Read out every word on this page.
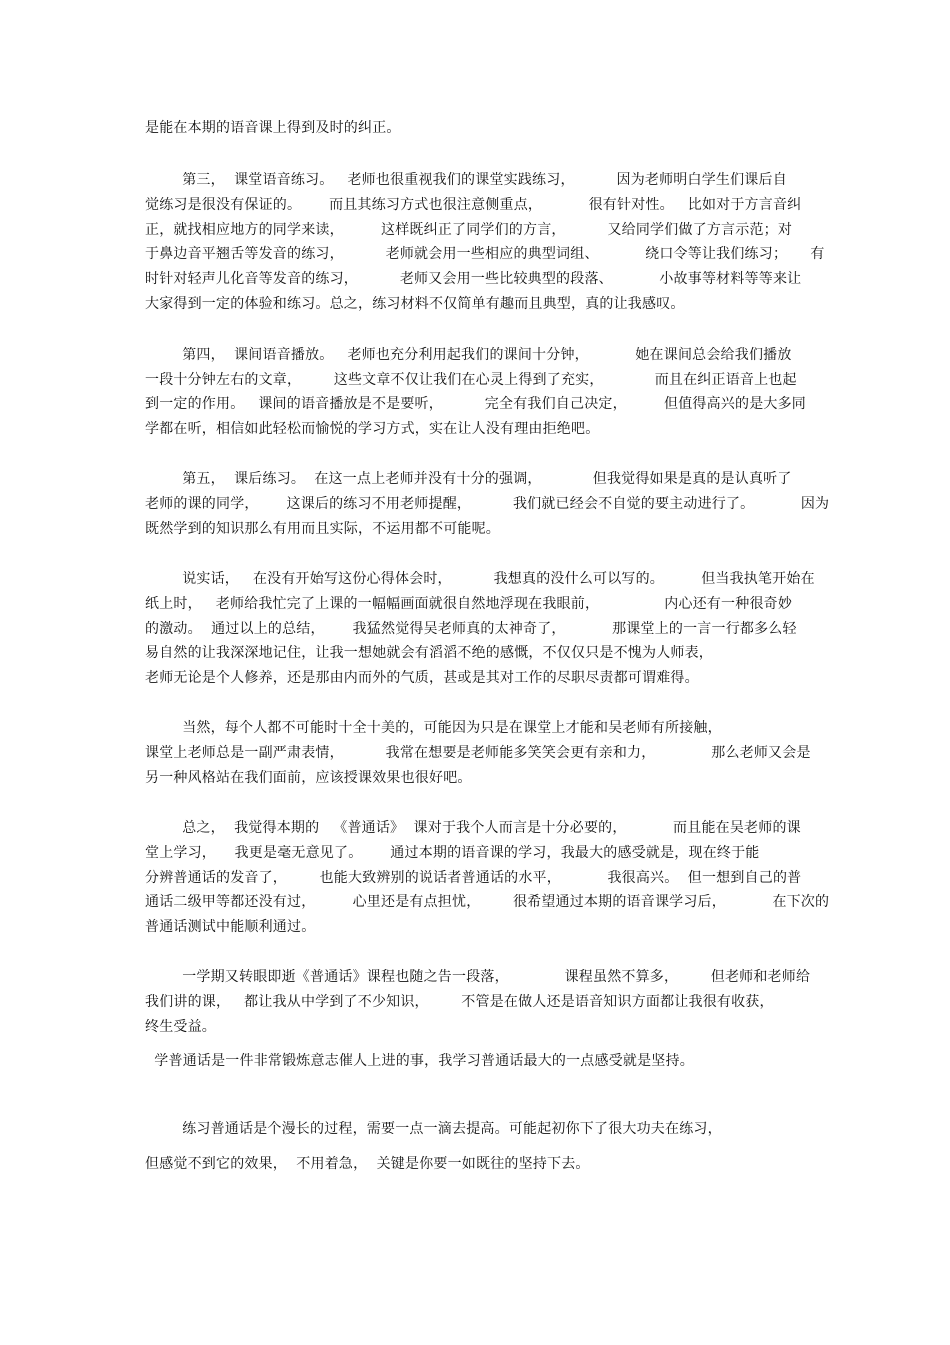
是能在本期的语音课上得到及时的纠正。
第三，  课堂语音练习。   老师也很重视我们的课堂实践练习，         因为老师明白学生们课后自
觉练习是很没有保证的。      而且其练习方式也很注意侧重点，          很有针对性。   比如对于方言音纠
正，就找相应地方的同学来读，        这样既纠正了同学们的方言，         又给同学们做了方言示范；对
于鼻边音平翘舌等发音的练习，         老师就会用一些相应的典型词组、          绕口令等让我们练习；     有
时针对轻声儿化音等发音的练习，         老师又会用一些比较典型的段落、          小故事等材料等等来让
大家得到一定的体验和练习。总之，练习材料不仅简单有趣而且典型，真的让我感叹。
第四，  课间语音播放。   老师也充分利用起我们的课间十分钟，          她在课间总会给我们播放
一段十分钟左右的文章，       这些文章不仅让我们在心灵上得到了充实，           而且在纠正语音上也起
到一定的作用。   课间的语音播放是不是要听，         完全有我们自己决定，        但值得高兴的是大多同
学都在听，相信如此轻松而愉悦的学习方式，实在让人没有理由拒绝吧。
第五，  课后练习。  在这一点上老师并没有十分的强调，           但我觉得如果是真的是认真听了
老师的课的同学，      这课后的练习不用老师提醒，         我们就已经会不自觉的要主动进行了。          因为
既然学到的知识那么有用而且实际，不运用都不可能呢。
说实话，   在没有开始写这份心得体会时，         我想真的没什么可以写的。        但当我执笔开始在
纸上时，   老师给我忙完了上课的一幅幅画面就很自然地浮现在我眼前，              内心还有一种很奇妙
的激动。  通过以上的总结，      我猛然觉得吴老师真的太神奇了，          那课堂上的一言一行都多么轻
易自然的让我深深地记住，让我一想她就会有滔滔不绝的感慨，不仅仅只是不愧为人师表，
老师无论是个人修养，还是那由内而外的气质，甚或是其对工作的尽职尽责都可谓难得。
当然，每个人都不可能时十全十美的，可能因为只是在课堂上才能和吴老师有所接触，
课堂上老师总是一副严肃表情，         我常在想要是老师能多笑笑会更有亲和力，            那么老师又会是
另一种风格站在我们面前，应该授课效果也很好吧。
总之，  我觉得本期的   《普通话》  课对于我个人而言是十分必要的，          而且能在吴老师的课
堂上学习，    我更是毫无意见了。      通过本期的语音课的学习，我最大的感受就是，现在终于能
分辨普通话的发音了，       也能大致辨别的说话者普通话的水平，          我很高兴。  但一想到自己的普
通话二级甲等都还没有过，        心里还是有点担忧，       很希望通过本期的语音课学习后，          在下次的
普通话测试中能顺利通过。
一学期又转眼即逝《普通话》课程也随之告一段落，            课程虽然不算多，       但老师和老师给
我们讲的课，   都让我从中学到了不少知识，       不管是在做人还是语音知识方面都让我很有收获，
终生受益。
学普通话是一件非常锻炼意志催人上进的事，我学习普通话最大的一点感受就是坚持。
练习普通话是个漫长的过程，需要一点一滴去提高。可能起初你下了很大功夫在练习，
但感觉不到它的效果，  不用着急，  关键是你要一如既往的坚持下去。
